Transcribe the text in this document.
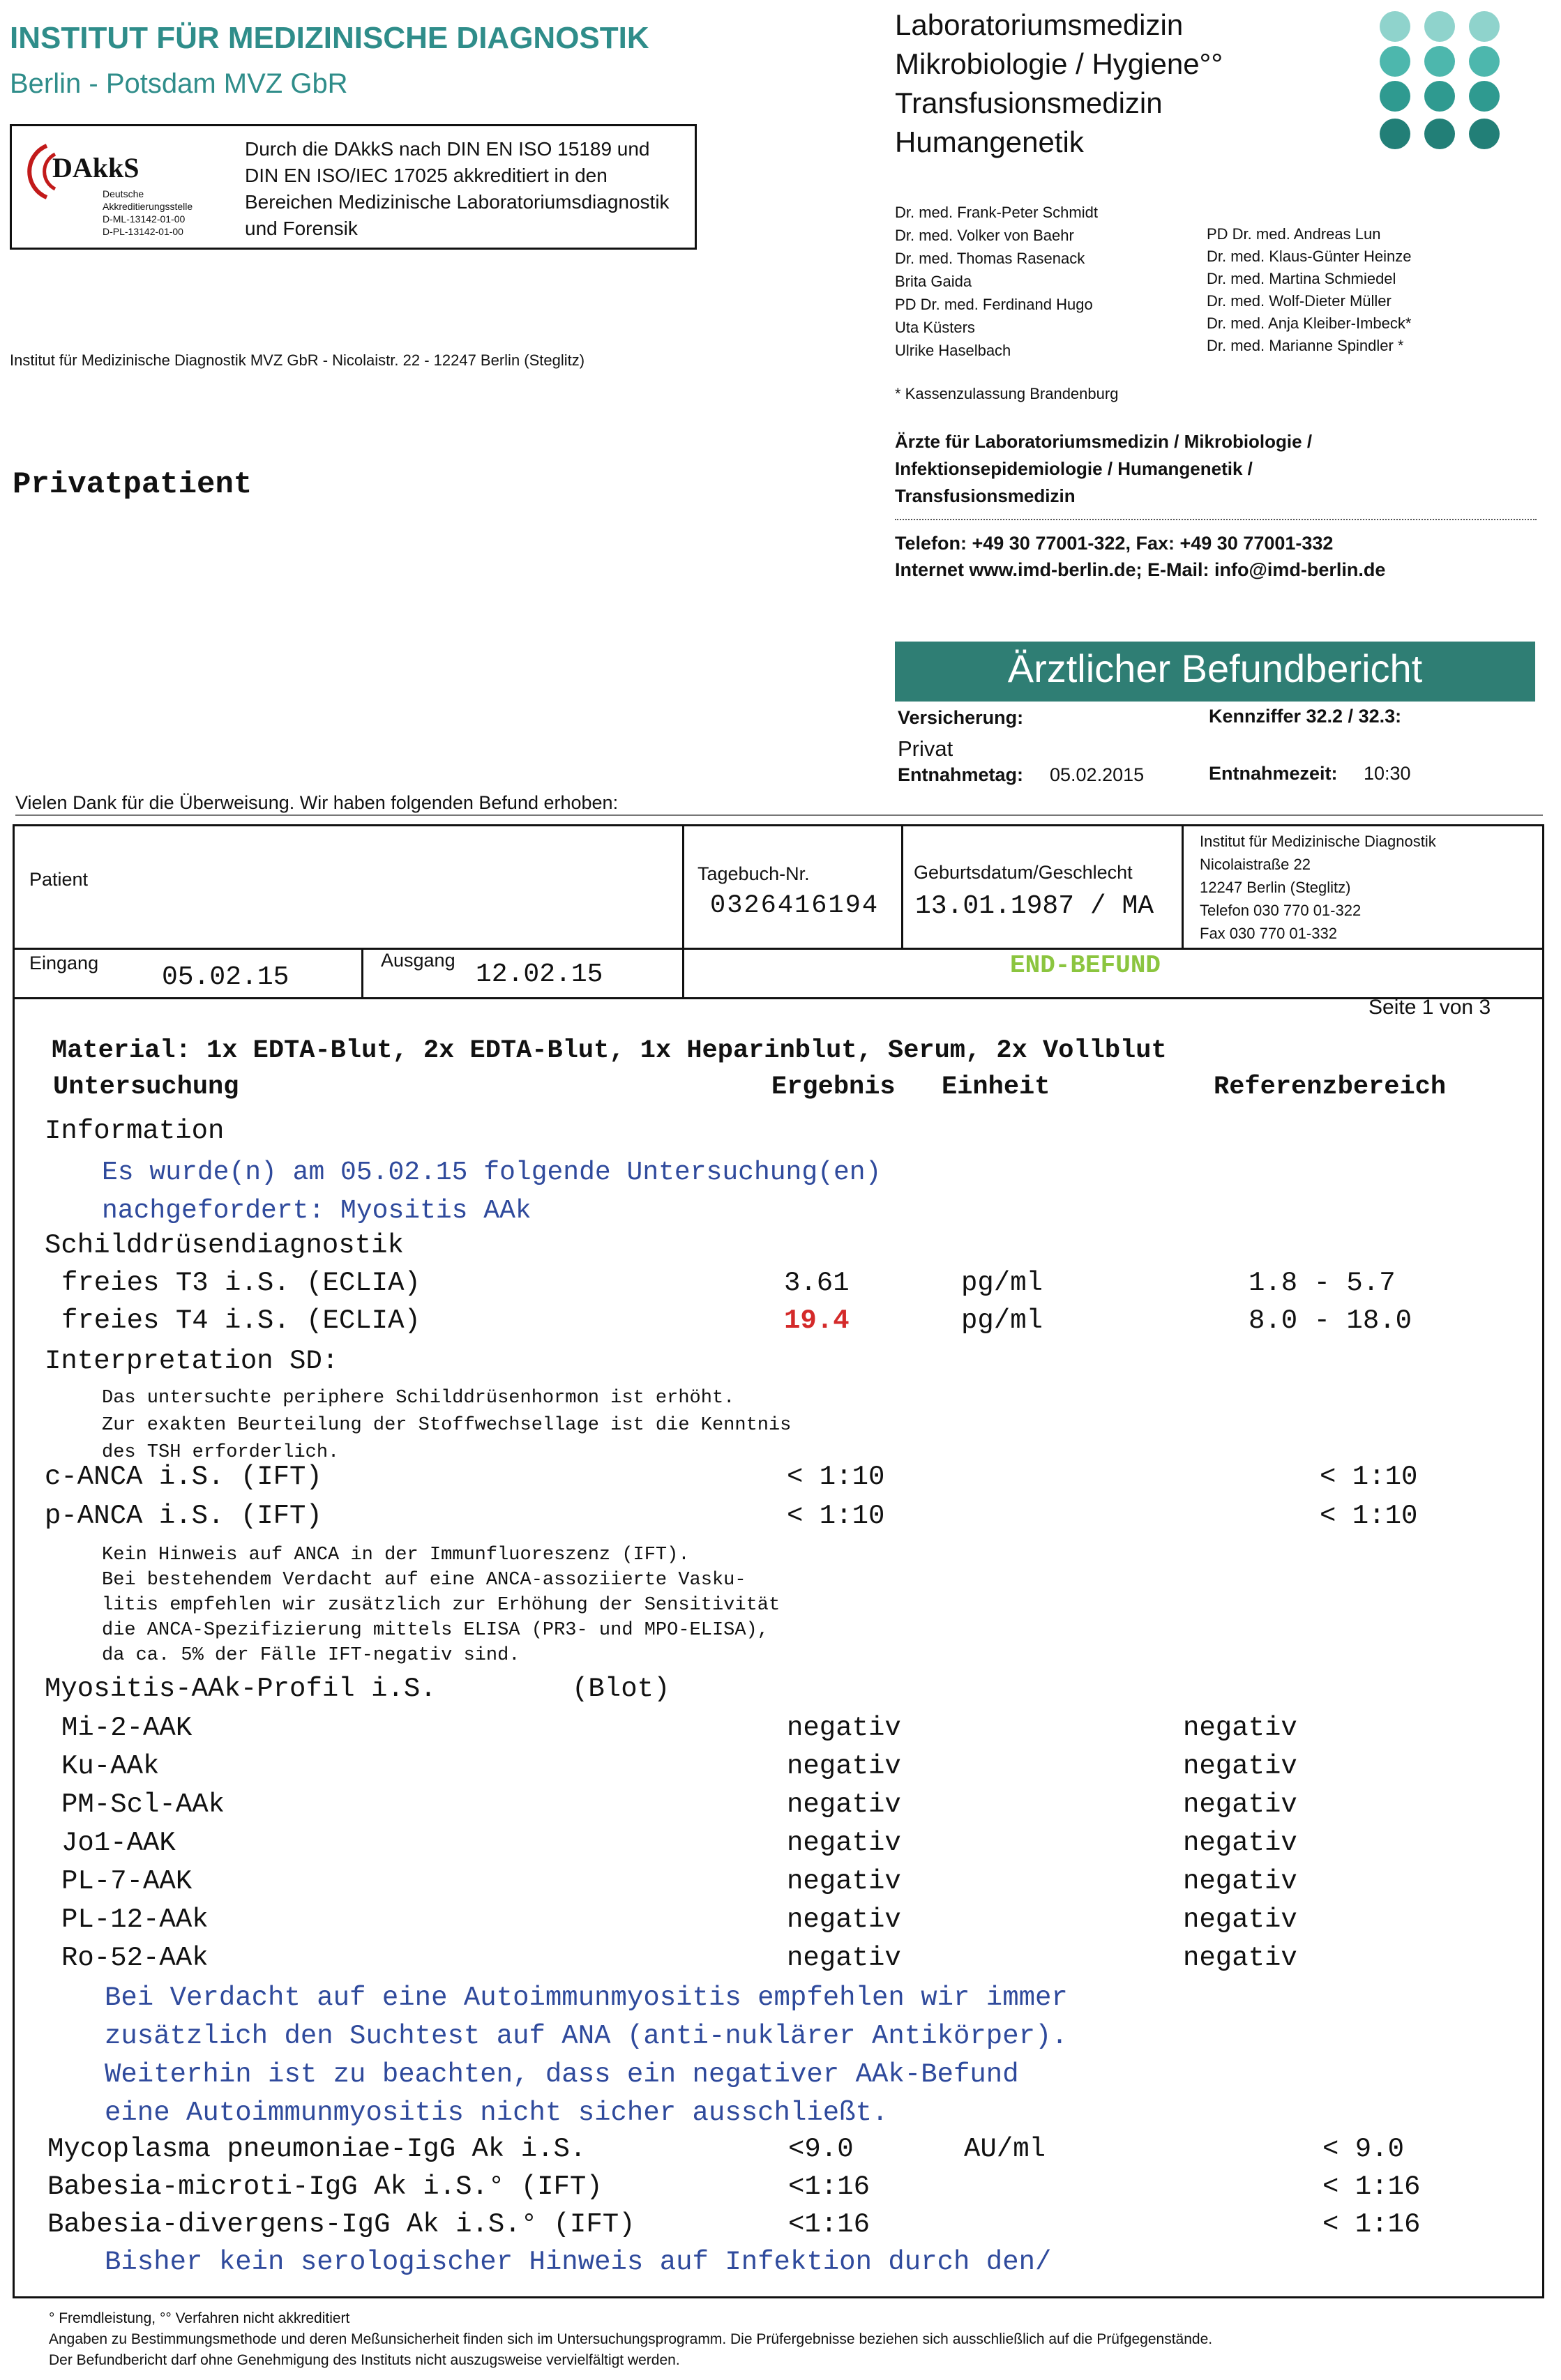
INSTITUT FÜR MEDIZINISCHE DIAGNOSTIK
Berlin - Potsdam MVZ GbR
DAkkS
Deutsche
Akkreditierungsstelle
D-ML-13142-01-00
D-PL-13142-01-00
Durch die DAkkS nach DIN EN ISO 15189 und
DIN EN ISO/IEC 17025 akkreditiert in den
Bereichen Medizinische Laboratoriumsdiagnostik
und Forensik
Institut für Medizinische Diagnostik MVZ GbR - Nicolaistr. 22 - 12247 Berlin (Steglitz)
Privatpatient
Laboratoriumsmedizin
Mikrobiologie / Hygiene°°
Transfusionsmedizin
Humangenetik
Dr. med. Frank-Peter Schmidt
Dr. med. Volker von Baehr
Dr. med. Thomas Rasenack
Brita Gaida
PD Dr. med. Ferdinand Hugo
Uta Küsters
Ulrike Haselbach
PD Dr. med. Andreas Lun
Dr. med. Klaus-Günter Heinze
Dr. med. Martina Schmiedel
Dr. med. Wolf-Dieter Müller
Dr. med. Anja Kleiber-Imbeck*
Dr. med. Marianne Spindler *
* Kassenzulassung Brandenburg
Ärzte für Laboratoriumsmedizin / Mikrobiologie /
Infektionsepidemiologie / Humangenetik /
Transfusionsmedizin
Telefon: +49 30 77001-322, Fax: +49 30 77001-332
Internet www.imd-berlin.de; E-Mail: info@imd-berlin.de
Ärztlicher Befundbericht
Versicherung:
Privat
Kennziffer 32.2 / 32.3:
Entnahmetag: 05.02.2015	Entnahmezeit: 10:30
Vielen Dank für die Überweisung. Wir haben folgenden Befund erhoben:
Patient	Tagebuch-Nr.
0326416194
Geburtsdatum/Geschlecht
13.01.1987 / MA
Institut für Medizinische Diagnostik
Nicolaistraße 22
12247 Berlin (Steglitz)
Telefon 030 770 01-322
Fax 030 770 01-332
Eingang 05.02.15
Ausgang 12.02.15	END-BEFUND
Seite 1 von 3
Material: 1x EDTA-Blut, 2x EDTA-Blut, 1x Heparinblut, Serum, 2x Vollblut
Untersuchung	Ergebnis Einheit	Referenzbereich
Information
Es wurde(n) am 05.02.15 folgende Untersuchung(en)
nachgefordert: Myositis AAk
Schilddrüsendiagnostik
freies T3 i.S. (ECLIA)	3.61	pg/ml	1.8 - 5.7
freies T4 i.S. (ECLIA)	19.4	pg/ml	8.0 - 18.0
Interpretation SD:
Das untersuchte periphere Schilddrüsenhormon ist erhöht.
Zur exakten Beurteilung der Stoffwechsellage ist die Kenntnis
des TSH erforderlich.
c-ANCA i.S. (IFT)	< 1:10	< 1:10
p-ANCA i.S. (IFT)	< 1:10	< 1:10
Kein Hinweis auf ANCA in der Immunfluoreszenz (IFT).
Bei bestehendem Verdacht auf eine ANCA-assoziierte Vasku-
litis empfehlen wir zusätzlich zur Erhöhung der Sensitivität
die ANCA-Spezifizierung mittels ELISA (PR3- und MPO-ELISA),
da ca. 5% der Fälle IFT-negativ sind.
Myositis-AAk-Profil i.S.	(Blot)
Mi-2-AAK	negativ	negativ
Ku-AAk	negativ	negativ
PM-Scl-AAk	negativ	negativ
Jo1-AAK	negativ	negativ
PL-7-AAK	negativ	negativ
PL-12-AAk	negativ	negativ
Ro-52-AAk	negativ	negativ
Bei Verdacht auf eine Autoimmunmyositis empfehlen wir immer
zusätzlich den Suchtest auf ANA (anti-nuklärer Antikörper).
Weiterhin ist zu beachten, dass ein negativer AAk-Befund
eine Autoimmunmyositis nicht sicher ausschließt.
Mycoplasma pneumoniae-IgG Ak i.S.	<9.0	AU/ml	< 9.0
Babesia-microti-IgG Ak i.S.° (IFT)	<1:16	< 1:16
Babesia-divergens-IgG Ak i.S.° (IFT)	<1:16	< 1:16
Bisher kein serologischer Hinweis auf Infektion durch den/
° Fremdleistung, °° Verfahren nicht akkreditiert
Angaben zu Bestimmungsmethode und deren Meßunsicherheit finden sich im Untersuchungsprogramm. Die Prüfergebnisse beziehen sich ausschließlich auf die Prüfgegenstände.
Der Befundbericht darf ohne Genehmigung des Instituts nicht auszugsweise vervielfältigt werden.
